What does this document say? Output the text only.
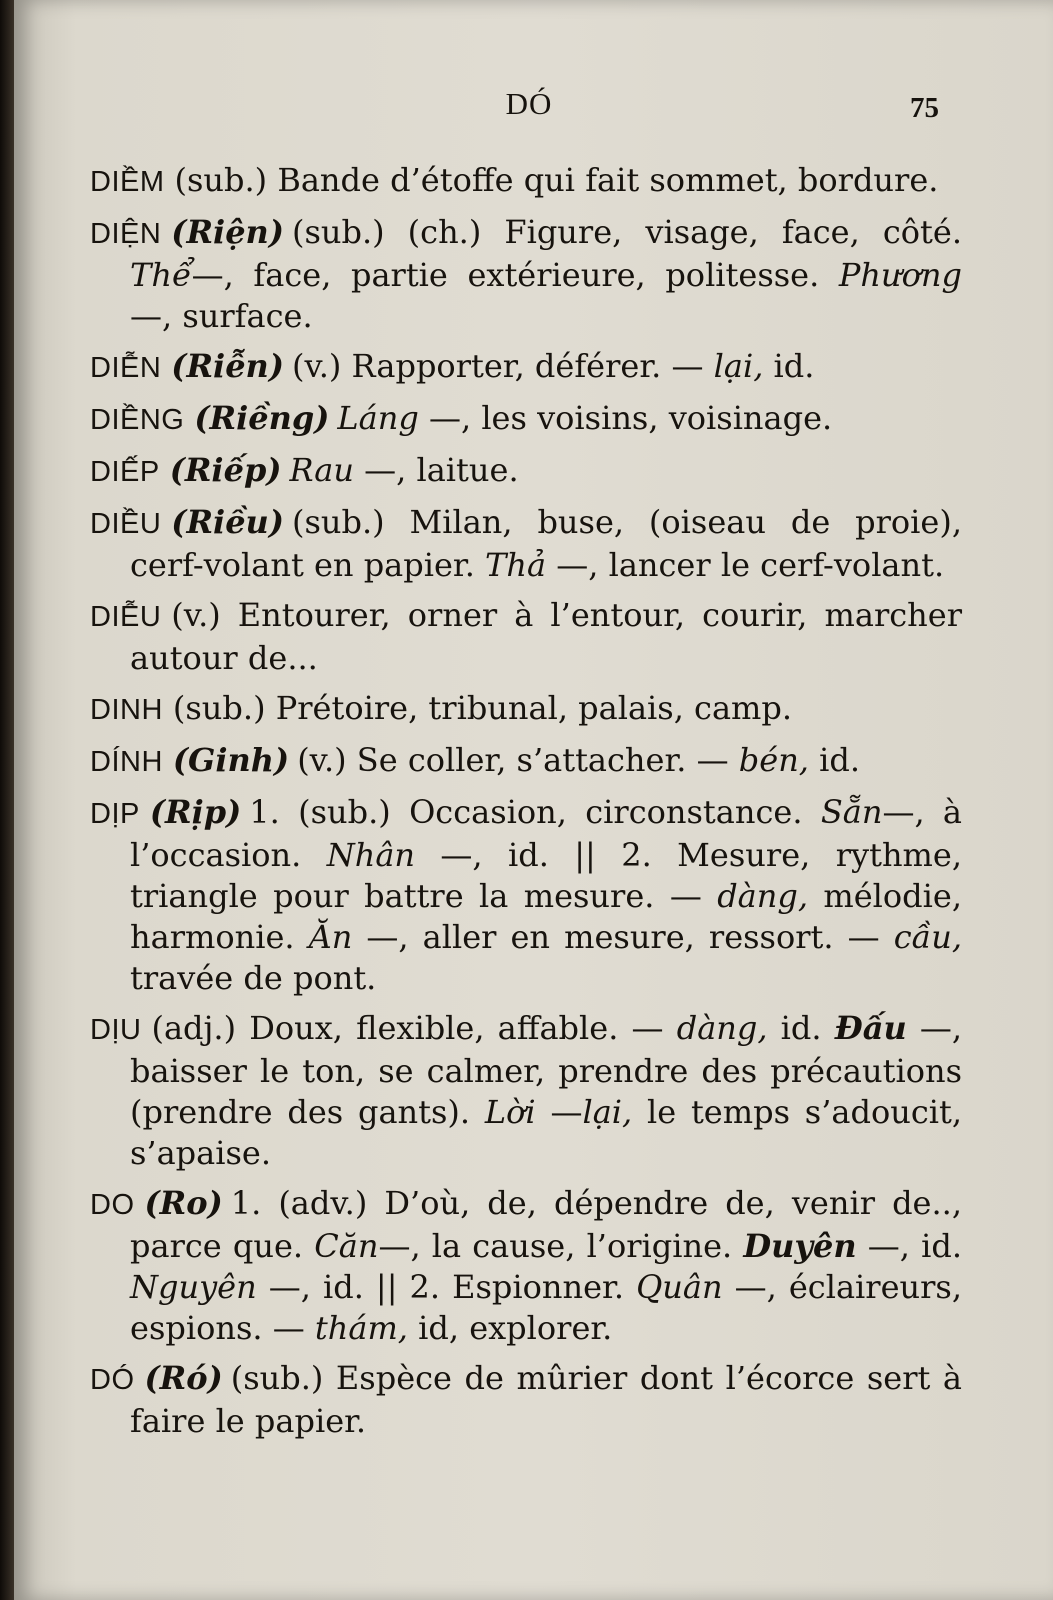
DÓ	75
DIỀM (sub.) Bande d’étoffe qui fait sommet, bordure.
DIỆN (Riện) (sub.) (ch.) Figure, visage, face, côté. Thể—, face, partie extérieure, politesse. Phương —, surface.
DIỄN (Riễn) (v.) Rapporter, déférer. — lại, id.
DIỀNG (Riềng) Láng —, les voisins, voisinage.
DIẾP (Riếp) Rau —, laitue.
DIỀU (Riều) (sub.) Milan, buse, (oiseau de proie), cerf-volant en papier. Thả —, lancer le cerf-volant.
DIỄU (v.) Entourer, orner à l’entour, courir, marcher autour de...
DINH (sub.) Prétoire, tribunal, palais, camp.
DÍNH (Ginh) (v.) Se coller, s’attacher. — bén, id.
DỊP (Rịp) 1. (sub.) Occasion, circonstance. Sẵn—, à l’occasion. Nhân —, id. || 2. Mesure, rythme, triangle pour battre la mesure. — dàng, mélodie, harmonie. Ăn —, aller en mesure, ressort. — cầu, travée de pont.
DỊU (adj.) Doux, flexible, affable. — dàng, id. Đấu —, baisser le ton, se calmer, prendre des précautions (prendre des gants). Lời —lại, le temps s’adoucit, s’apaise.
DO (Ro) 1. (adv.) D’où, de, dépendre de, venir de.., parce que. Căn—, la cause, l’origine. Duyên —, id. Nguyên —, id. || 2. Espionner. Quân —, éclaireurs, espions. — thám, id, explorer.
DÓ (Ró) (sub.) Espèce de mûrier dont l’écorce sert à faire le papier.
